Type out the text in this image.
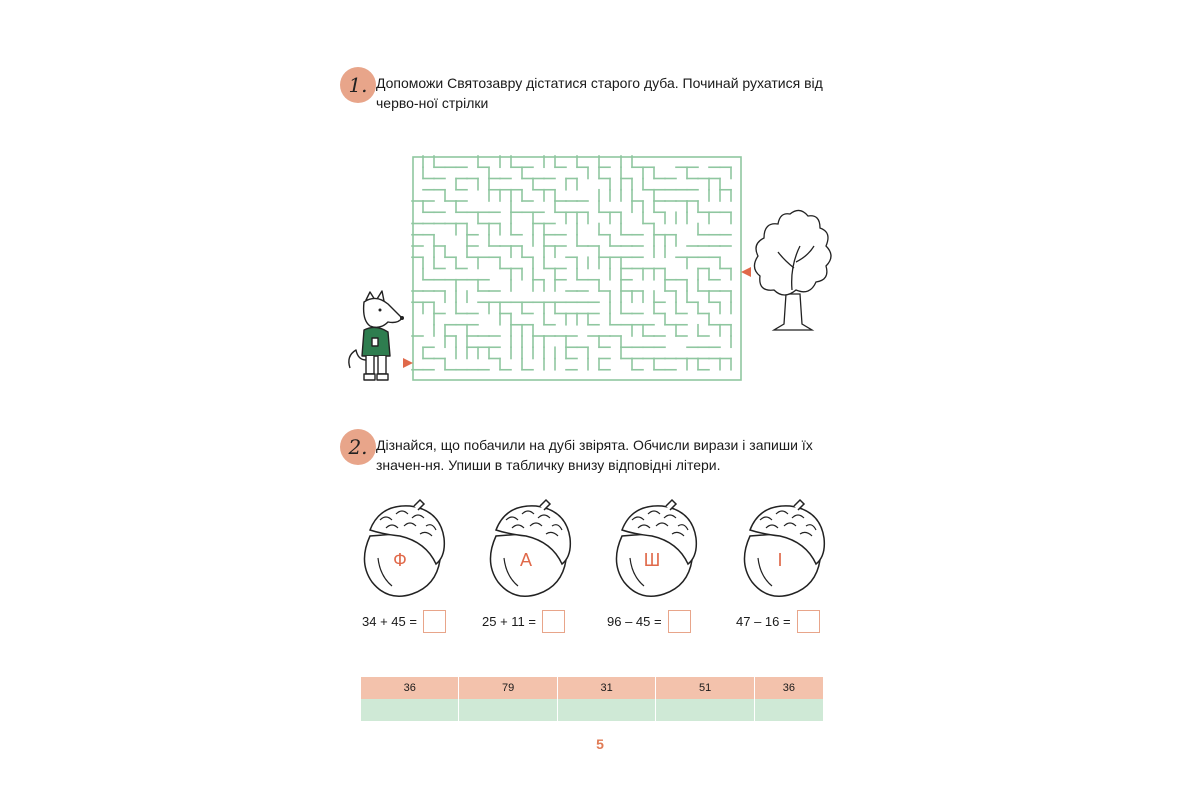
1. Допоможи Святозавру дістатися старого дуба. Починай рухатися від черво-ної стрілки
2. Дізнайся, що побачили на дубі звірята. Обчисли вирази і запиши їх значен-ня. Упиши в табличку внизу відповідні літери.
Ф	А	Ш	І
34 + 45 =	25 + 11 =	96 – 45 =	47 – 16 =
36	79	31	51	36
5
